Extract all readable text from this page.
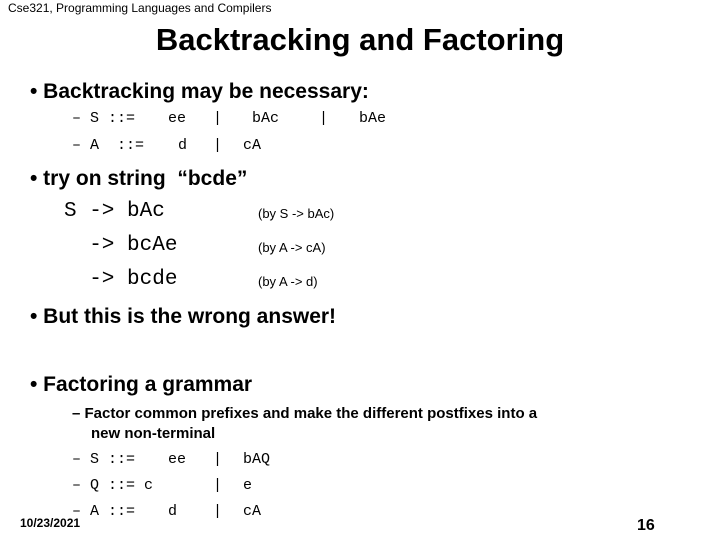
Cse321, Programming Languages and Compilers
Backtracking and Factoring
• Backtracking may be necessary:
– S ::= ee | bAc	| bAe
– A  ::= d | cA
• try on string  “bcde”
S -> bAc	(by S -> bAc)
-> bcAe	(by A -> cA)
-> bcde	(by A -> d)
• But this is the wrong answer!
• Factoring a grammar
– Factor common prefixes and make the different postfixes into a
new non-terminal
– S ::= ee | bAQ
– Q ::= c	| e
– A ::= d | cA
10/23/2021	16
